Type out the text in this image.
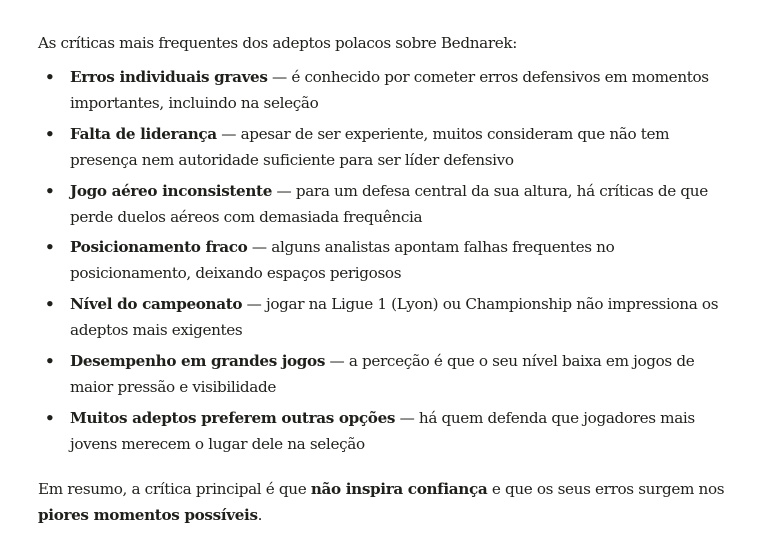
As críticas mais frequentes dos adeptos polacos sobre Bednarek:

• Erros individuais graves — é conhecido por cometer erros defensivos em momentos importantes, incluindo na seleção
• Falta de liderança — apesar de ser experiente, muitos consideram que não tem presença nem autoridade suficiente para ser líder defensivo
• Jogo aéreo inconsistente — para um defesa central da sua altura, há críticas de que perde duelos aéreos com demasiada frequência
• Posicionamento fraco — alguns analistas apontam falhas frequentes no posicionamento, deixando espaços perigosos
• Nível do campeonato — jogar na Ligue 1 (Lyon) ou Championship não impressiona os adeptos mais exigentes
• Desempenho em grandes jogos — a perceção é que o seu nível baixa em jogos de maior pressão e visibilidade
• Muitos adeptos preferem outras opções — há quem defenda que jogadores mais jovens merecem o lugar dele na seleção

Em resumo, a crítica principal é que não inspira confiança e que os seus erros surgem nos piores momentos possíveis.
